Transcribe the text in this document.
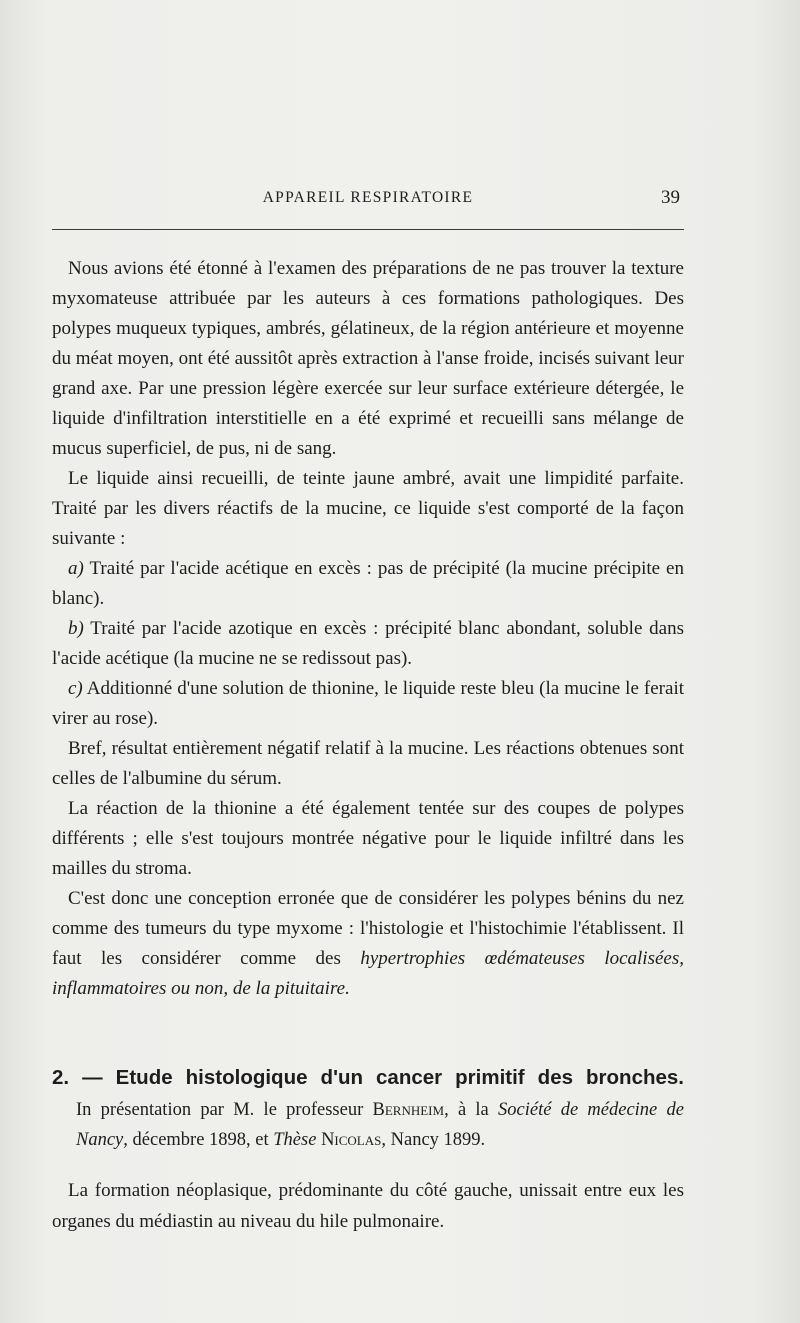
APPAREIL RESPIRATOIRE	39

Nous avions été étonné à l'examen des préparations de ne pas trouver la texture myxomateuse attribuée par les auteurs à ces formations pathologiques. Des polypes muqueux typiques, ambrés, gélatineux, de la région antérieure et moyenne du méat moyen, ont été aussitôt après extraction à l'anse froide, incisés suivant leur grand axe. Par une pression légère exercée sur leur surface extérieure détergée, le liquide d'infiltration interstitielle en a été exprimé et recueilli sans mélange de mucus superficiel, de pus, ni de sang.

Le liquide ainsi recueilli, de teinte jaune ambré, avait une limpidité parfaite. Traité par les divers réactifs de la mucine, ce liquide s'est comporté de la façon suivante :

a) Traité par l'acide acétique en excès : pas de précipité (la mucine précipite en blanc).

b) Traité par l'acide azotique en excès : précipité blanc abondant, soluble dans l'acide acétique (la mucine ne se redissout pas).

c) Additionné d'une solution de thionine, le liquide reste bleu (la mucine le ferait virer au rose).

Bref, résultat entièrement négatif relatif à la mucine. Les réactions obtenues sont celles de l'albumine du sérum.

La réaction de la thionine a été également tentée sur des coupes de polypes différents ; elle s'est toujours montrée négative pour le liquide infiltré dans les mailles du stroma.

C'est donc une conception erronée que de considérer les polypes bénins du nez comme des tumeurs du type myxome : l'histologie et l'histochimie l'établissent. Il faut les considérer comme des hypertrophies œdémateuses localisées, inflammatoires ou non, de la pituitaire.

2. — Etude histologique d'un cancer primitif des bronches.
In présentation par M. le professeur Bernheim, à la Société de médecine de Nancy, décembre 1898, et Thèse Nicolas, Nancy 1899.

La formation néoplasique, prédominante du côté gauche, unissait entre eux les organes du médiastin au niveau du hile pulmonaire.
